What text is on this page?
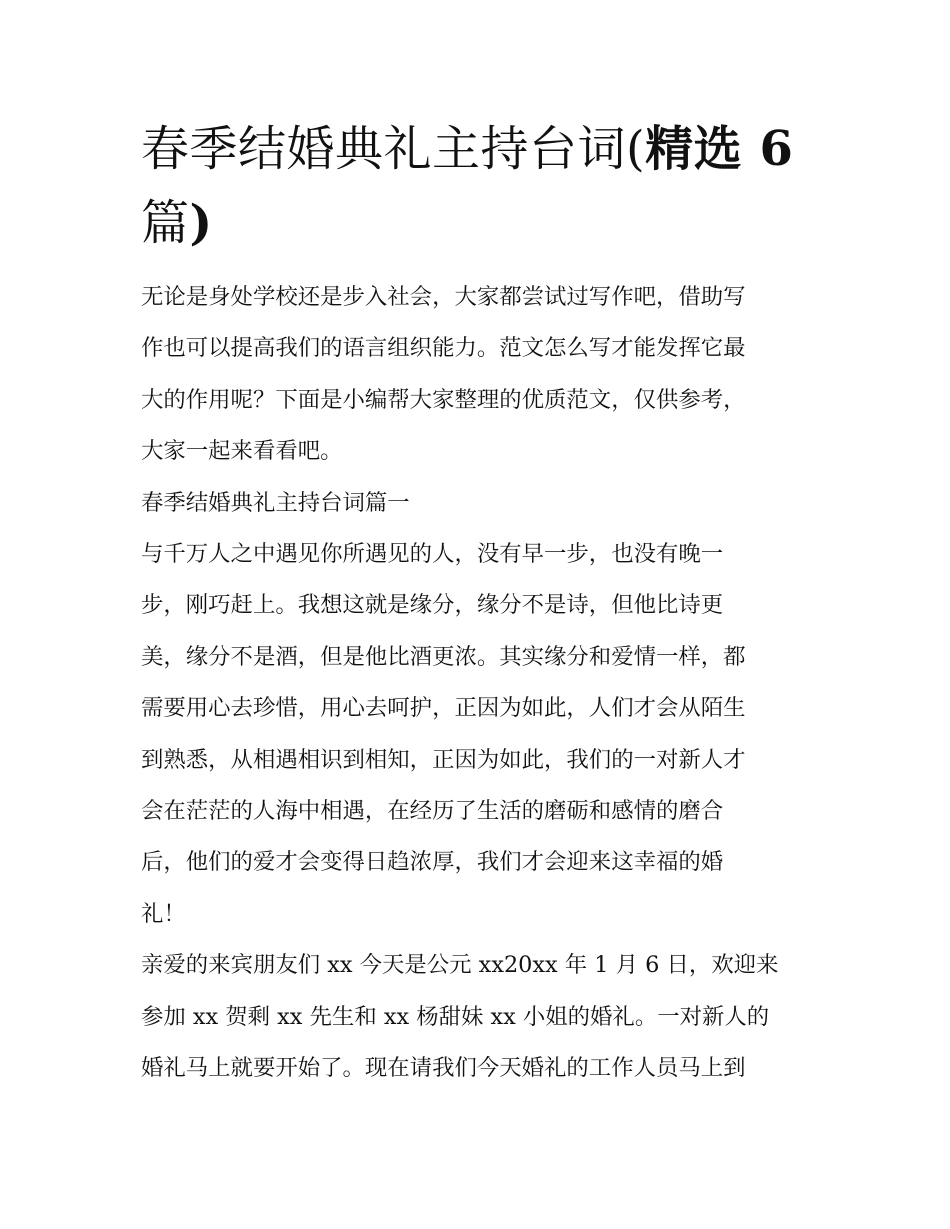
春季结婚典礼主持台词(精选 6
篇)

无论是身处学校还是步入社会，大家都尝试过写作吧，借助写

作也可以提高我们的语言组织能力。范文怎么写才能发挥它最

大的作用呢？下面是小编帮大家整理的优质范文，仅供参考，

大家一起来看看吧。

春季结婚典礼主持台词篇一

与千万人之中遇见你所遇见的人，没有早一步，也没有晚一

步，刚巧赶上。我想这就是缘分，缘分不是诗，但他比诗更

美，缘分不是酒，但是他比酒更浓。其实缘分和爱情一样，都

需要用心去珍惜，用心去呵护，正因为如此，人们才会从陌生

到熟悉，从相遇相识到相知，正因为如此，我们的一对新人才

会在茫茫的人海中相遇，在经历了生活的磨砺和感情的磨合

后，他们的爱才会变得日趋浓厚，我们才会迎来这幸福的婚

礼！

亲爱的来宾朋友们 xx 今天是公元 xx20xx 年 1 月 6 日，欢迎来

参加 xx 贺剩 xx 先生和 xx 杨甜妹 xx 小姐的婚礼。一对新人的

婚礼马上就要开始了。现在请我们今天婚礼的工作人员马上到
